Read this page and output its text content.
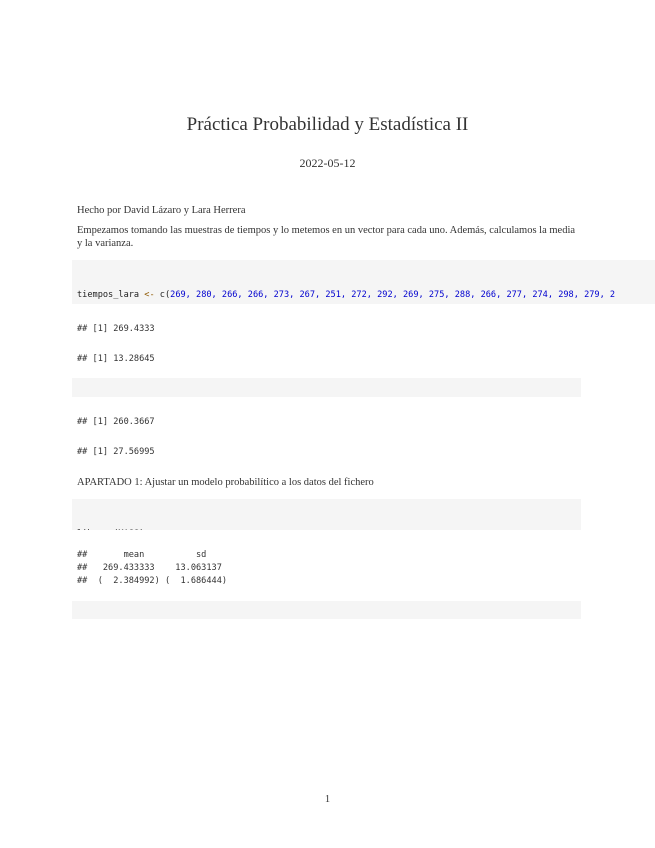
Práctica Probabilidad y Estadística II
2022-05-12
Hecho por David Lázaro y Lara Herrera
Empezamos tomando las muestras de tiempos y lo metemos en un vector para cada uno. Además, calculamos la media y la varianza.

tiempos_lara <- c(269, 280, 266, 266, 273, 267, 251, 272, 292, 269, 275, 288, 266, 277, 274, 298, 279, 2

## [1] 269.4333
## [1] 13.28645

## [1] 260.3667
## [1] 27.56995
APARTADO 1: Ajustar un modelo probabilítico a los datos del fichero

##       mean          sd
##   269.433333    13.063137
##  (  2.384992) (  1.686444)

1
